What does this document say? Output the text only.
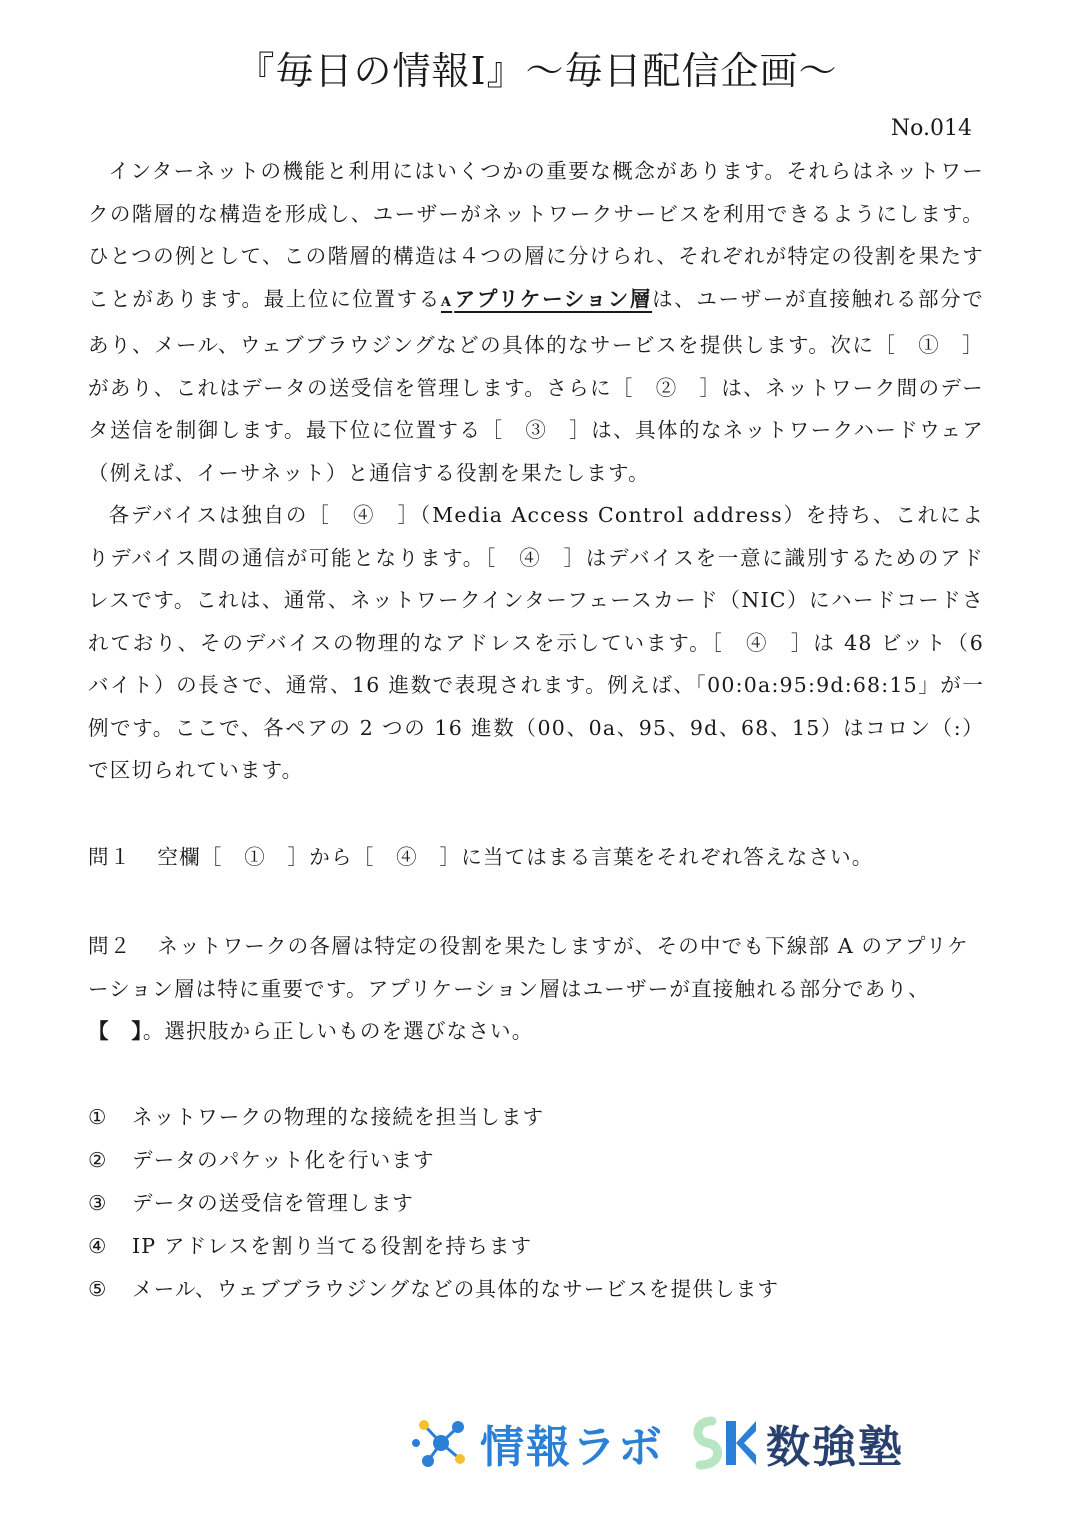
『毎日の情報Ⅰ』〜毎日配信企画〜
No.014

インターネットの機能と利用にはいくつかの重要な概念があります。それらはネットワークの階層的な構造を形成し、ユーザーがネットワークサービスを利用できるようにします。ひとつの例として、この階層的構造は４つの層に分けられ、それぞれが特定の役割を果たすことがあります。最上位に位置するAアプリケーション層は、ユーザーが直接触れる部分であり、メール、ウェブブラウジングなどの具体的なサービスを提供します。次に［　①　］があり、これはデータの送受信を管理します。さらに［　②　］は、ネットワーク間のデータ送信を制御します。最下位に位置する［　③　］は、具体的なネットワークハードウェア（例えば、イーサネット）と通信する役割を果たします。

各デバイスは独自の［　④　］（Media Access Control address）を持ち、これによりデバイス間の通信が可能となります。［　④　］はデバイスを一意に識別するためのアドレスです。これは、通常、ネットワークインターフェースカード（NIC）にハードコードされており、そのデバイスの物理的なアドレスを示しています。［　④　］は 48 ビット（6 バイト）の長さで、通常、16 進数で表現されます。例えば、「00:0a:95:9d:68:15」が一例です。ここで、各ペアの 2 つの 16 進数（00、0a、95、9d、68、15）はコロン（:）で区切られています。

問１ 空欄［　①　］から［　④　］に当てはまる言葉をそれぞれ答えなさい。

問２ ネットワークの各層は特定の役割を果たしますが、その中でも下線部 A のアプリケーション層は特に重要です。アプリケーション層はユーザーが直接触れる部分であり、【　】。選択肢から正しいものを選びなさい。

①	ネットワークの物理的な接続を担当します
②	データのパケット化を行います
③	データの送受信を管理します
④	IP アドレスを割り当てる役割を持ちます
⑤	メール、ウェブブラウジングなどの具体的なサービスを提供します
情報ラボ 数強塾
